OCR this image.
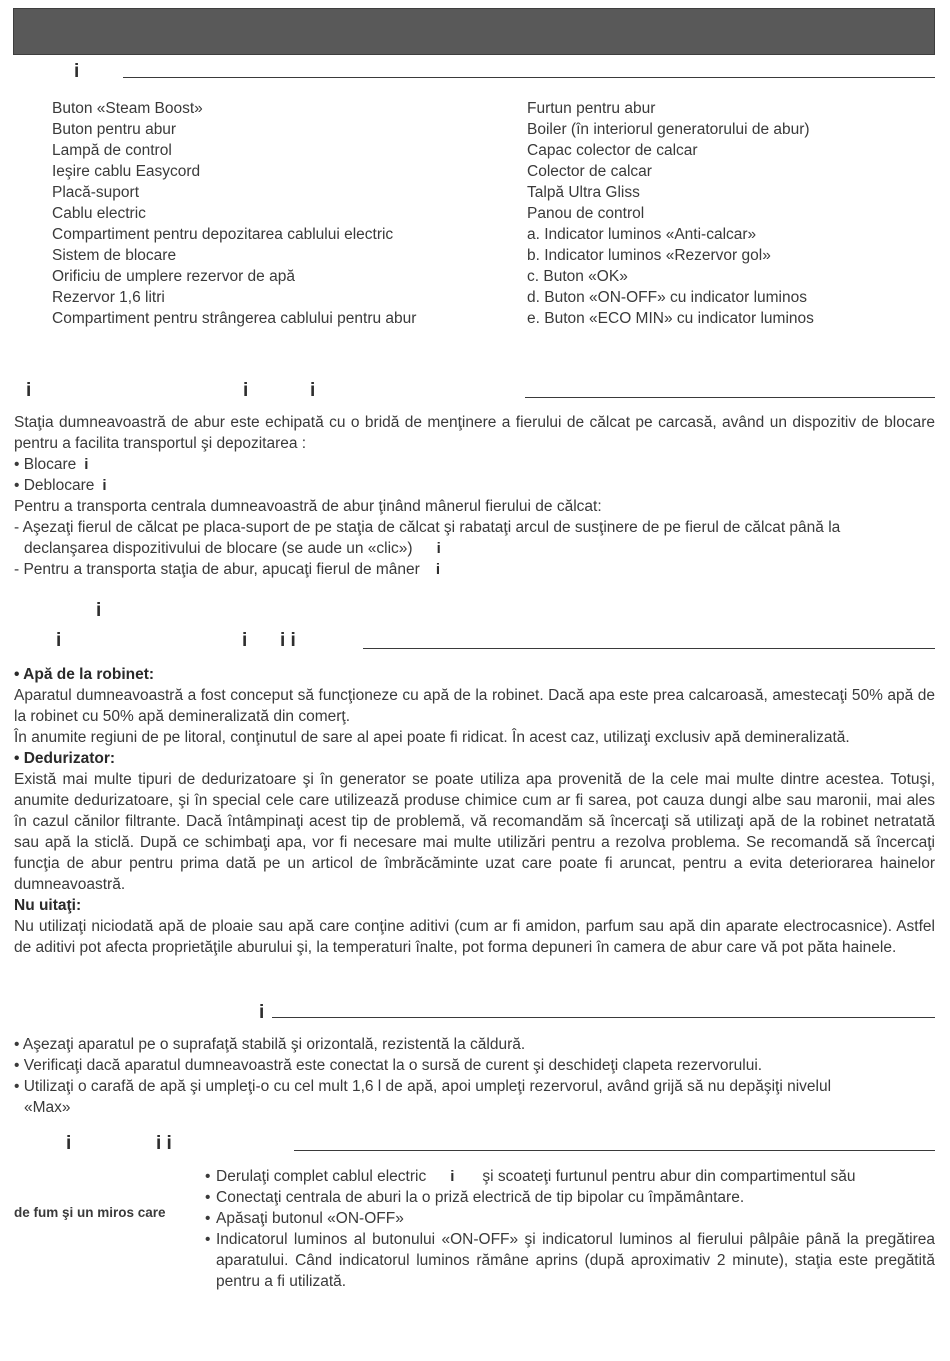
i
Buton «Steam Boost»
Buton pentru abur
Lampă de control
Ieşire cablu Easycord
Placă-suport
Cablu electric
Compartiment pentru depozitarea cablului electric
Sistem de blocare
Orificiu de umplere rezervor de apă
Rezervor 1,6 litri
Compartiment pentru strângerea cablului pentru abur
Furtun pentru abur
Boiler (în interiorul generatorului de abur)
Capac colector de calcar
Colector de calcar
Talpă Ultra Gliss
Panou de control
a. Indicator luminos «Anti-calcar»
b. Indicator luminos «Rezervor gol»
c. Buton «OK»
d. Buton «ON-OFF» cu indicator luminos
e. Buton «ECO MIN» cu indicator luminos
i	i	i

Staţia dumneavoastră de abur este echipată cu o bridă de menţinere a fierului de călcat pe carcasă, având un dispozitiv de blocare pentru a facilita transportul şi depozitarea :

• Blocare i

• Deblocare i

Pentru a transporta centrala dumneavoastră de abur ţinând mânerul fierului de călcat:

- Aşezaţi fierul de călcat pe placa-suport de pe staţia de călcat şi rabataţi arcul de susţinere de pe fierul de călcat până la

declanşarea dispozitivului de blocare (se aude un «clic») i

- Pentru a transporta staţia de abur, apucaţi fierul de mâner i

i
i	i i i

• Apă de la robinet:

Aparatul dumneavoastră a fost conceput să funcţioneze cu apă de la robinet. Dacă apa este prea calcaroasă, amestecaţi 50% apă de la robinet cu 50% apă demineralizată din comerţ.

În anumite regiuni de pe litoral, conţinutul de sare al apei poate fi ridicat. În acest caz, utilizaţi exclusiv apă demineralizată.

• Dedurizator:

Există mai multe tipuri de dedurizatoare şi în generator se poate utiliza apa provenită de la cele mai multe dintre acestea. Totuşi, anumite dedurizatoare, şi în special cele care utilizează produse chimice cum ar fi sarea, pot cauza dungi albe sau maronii, mai ales în cazul cănilor filtrante. Dacă întâmpinaţi acest tip de problemă, vă recomandăm să încercaţi să utilizaţi apă de la robinet netratată sau apă la sticlă. După ce schimbaţi apa, vor fi necesare mai multe utilizări pentru a rezolva problema. Se recomandă să încercaţi funcţia de abur pentru prima dată pe un articol de îmbrăcăminte uzat care poate fi aruncat, pentru a evita deteriorarea hainelor dumneavoastră.

Nu uitaţi:

Nu utilizaţi niciodată apă de ploaie sau apă care conţine aditivi (cum ar fi amidon, parfum sau apă din aparate electrocasnice). Astfel de aditivi pot afecta proprietăţile aburului şi, la temperaturi înalte, pot forma depuneri în camera de abur care vă pot păta hainele.

i

• Aşezaţi aparatul pe o suprafaţă stabilă şi orizontală, rezistentă la căldură.

• Verificaţi dacă aparatul dumneavoastră este conectat la o sursă de curent şi deschideţi clapeta rezervorului.

• Utilizaţi o carafă de apă şi umpleţi-o cu cel mult 1,6 l de apă, apoi umpleţi rezervorul, având grijă să nu depăşiţi nivelul

«Max»

i	i i
de fum şi un miros care
• Derulaţi complet cablul electric i şi scoateţi furtunul pentru abur din compartimentul său
• Conectaţi centrala de aburi la o priză electrică de tip bipolar cu împământare.
• Apăsaţi butonul «ON-OFF»
• Indicatorul luminos al butonului «ON-OFF» şi indicatorul luminos al fierului pâlpâie până la pregătirea aparatului. Când indicatorul luminos rămâne aprins (după aproximativ 2 minute), staţia este pregătită pentru a fi utilizată.
